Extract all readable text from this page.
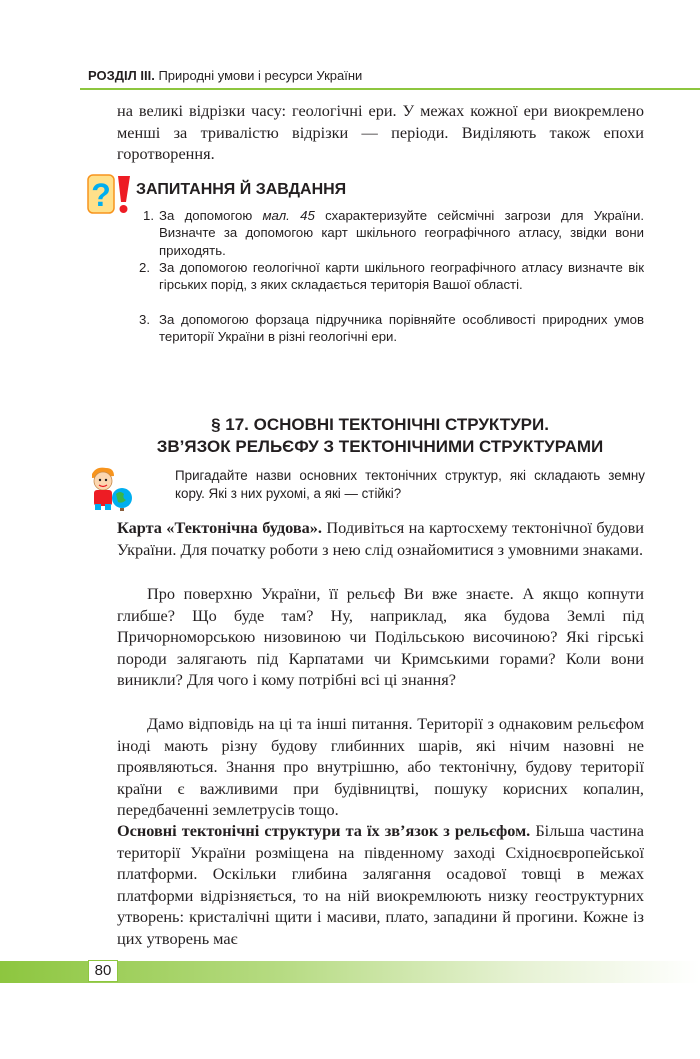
РОЗДІЛ ІІІ. Природні умови і ресурси України

на великі відрізки часу: геологічні ери. У межах кожної ери виокремлено менші за тривалістю відрізки — періоди. Виділяють також епохи горотворення.

? ЗАПИТАННЯ Й ЗАВДАННЯ
1. За допомогою мал. 45 схарактеризуйте сейсмічні загрози для України. Визначте за допомогою карт шкільного географічного атласу, звідки вони приходять.
2. За допомогою геологічної карти шкільного географічного атласу визначте вік гірських порід, з яких складається територія Вашої області.
3. За допомогою форзаца підручника порівняйте особливості природних умов території України в різні геологічні ери.
§ 17. ОСНОВНІ ТЕКТОНІЧНІ СТРУКТУРИ.
ЗВ’ЯЗОК РЕЛЬЄФУ З ТЕКТОНІЧНИМИ СТРУКТУРАМИ
Пригадайте назви основних тектонічних структур, які складають земну кору. Які з них рухомі, а які — стійкі?

Карта «Тектонічна будова». Подивіться на картосхему тектонічної будови України. Для початку роботи з нею слід ознайомитися з умовними знаками.

Про поверхню України, її рельєф Ви вже знаєте. А якщо копнути глибше? Що буде там? Ну, наприклад, яка будова Землі під Причорноморською низовиною чи Подільською височиною? Які гірські породи залягають під Карпатами чи Кримськими горами? Коли вони виникли? Для чого і кому потрібні всі ці знання?

Дамо відповідь на ці та інші питання. Території з однаковим рельєфом іноді мають різну будову глибинних шарів, які нічим назовні не проявляються. Знання про внутрішню, або тектонічну, будову території країни є важливими при будівництві, пошуку корисних копалин, передбаченні землетрусів тощо.

Основні тектонічні структури та їх зв’язок з рельєфом. Більша частина території України розміщена на південному заході Східноєвропейської платформи. Оскільки глибина залягання осадової товщі в межах платформи відрізняється, то на ній виокремлюють низку геоструктурних утворень: кристалічні щити і масиви, плато, западини й прогини. Кожне із цих утворень має

80
